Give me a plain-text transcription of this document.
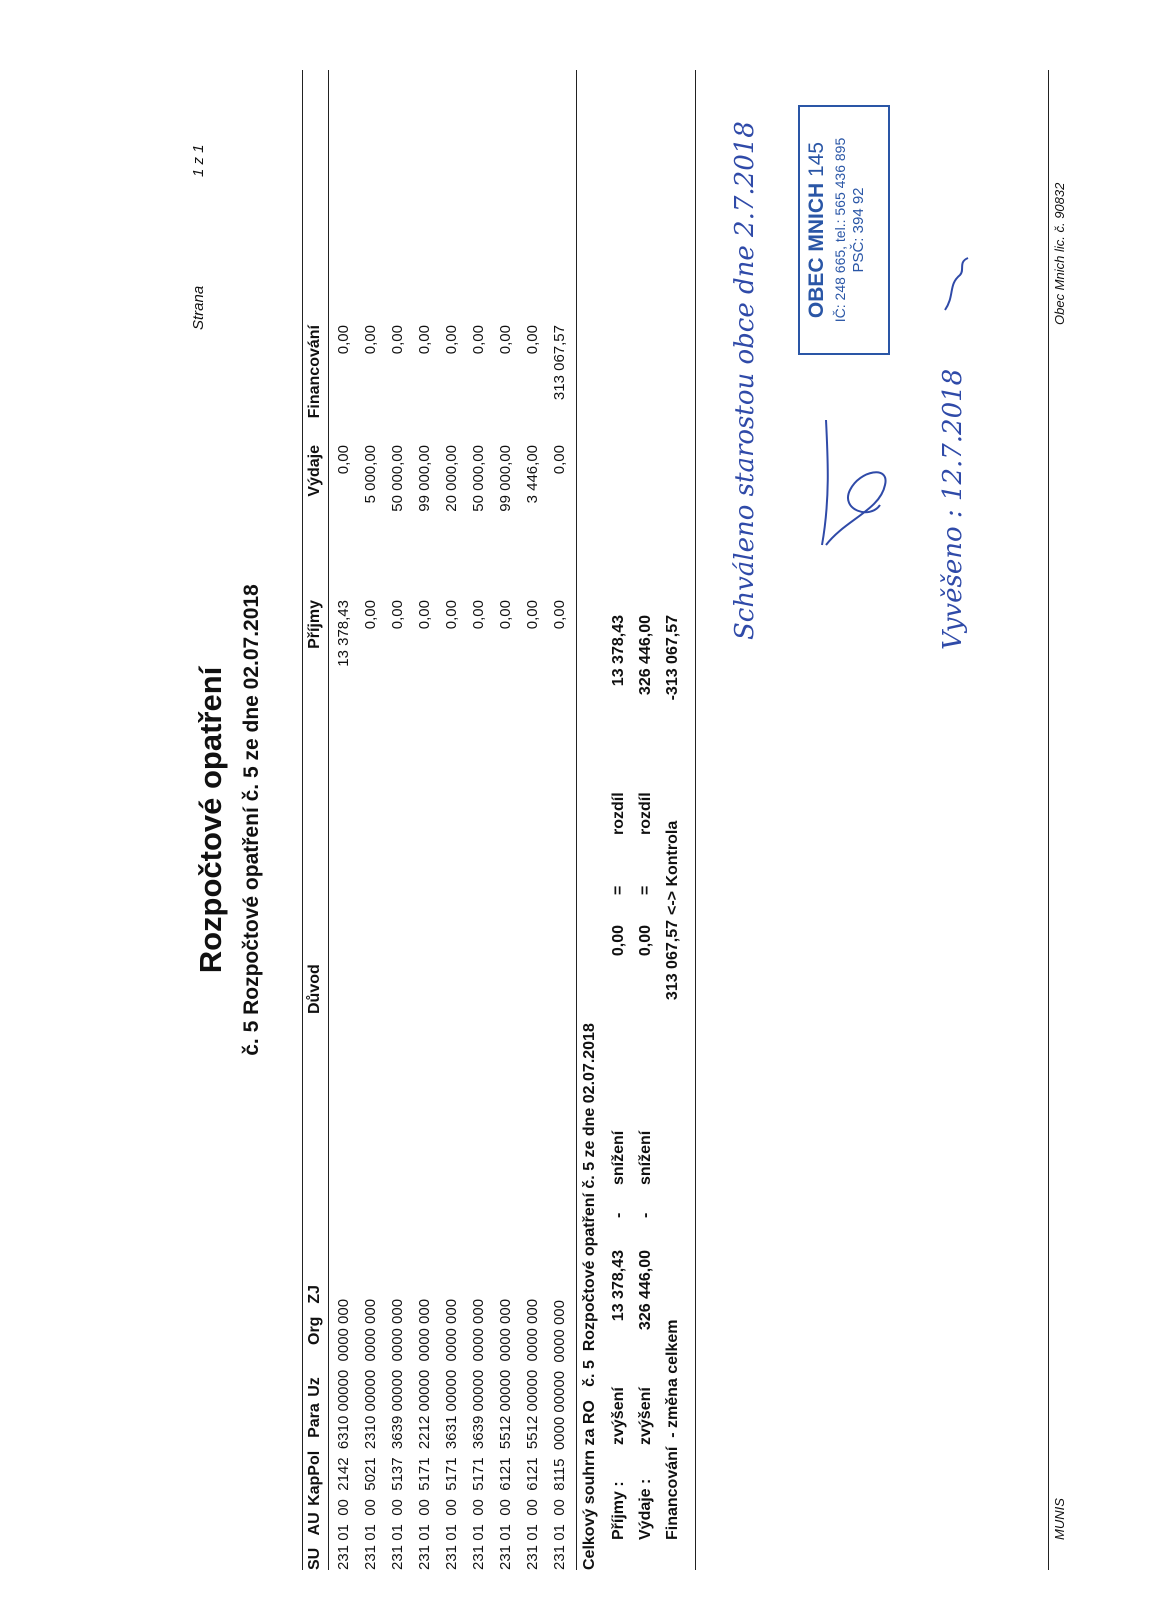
Strana
1 z 1
Rozpočtové opatření č. 5 Rozpočtové opatření č. 5 ze dne 02.07.2018
SU  AU KapPol  Para Uz     Org  ZJ
Důvod
Příjmy
Výdaje
Financování
231 01  00  2142  6310 00000  0000 000
13 378,43
0,00
0,00
231 01  00  5021  2310 00000  0000 000
0,00
5 000,00
0,00
231 01  00  5137  3639 00000  0000 000
0,00
50 000,00
0,00
231 01  00  5171  2212 00000  0000 000
0,00
99 000,00
0,00
231 01  00  5171  3631 00000  0000 000
0,00
20 000,00
0,00
231 01  00  5171  3639 00000  0000 000
0,00
50 000,00
0,00
231 01  00  6121  5512 00000  0000 000
0,00
99 000,00
0,00
231 01  00  6121  5512 00000  0000 000
0,00
3 446,00
0,00
231 01  00  8115  0000 00000  0000 000
0,00
0,00
313 067,57
Celkový souhrn za RO   č. 5  Rozpočtové opatření č. 5 ze dne 02.07.2018 Příjmy :
zvýšení
13 378,43
-
snížení
0,00
=
rozdíl
13 378,43
Výdaje :
zvýšení
326 446,00
-
snížení
0,00
=
rozdíl
326 446,00
Financování  - změna celkem
313 067,57
<-> Kontrola
-313 067,57
MUNIS
Obec Mnich lic. č. 90832
OBEC MNICH 145 IČ: 248 665, tel.: 565 436 895 PSČ: 394 92
Schváleno starostou obce dne 2.7.2018	Vyvěšeno : 12.7.2018
